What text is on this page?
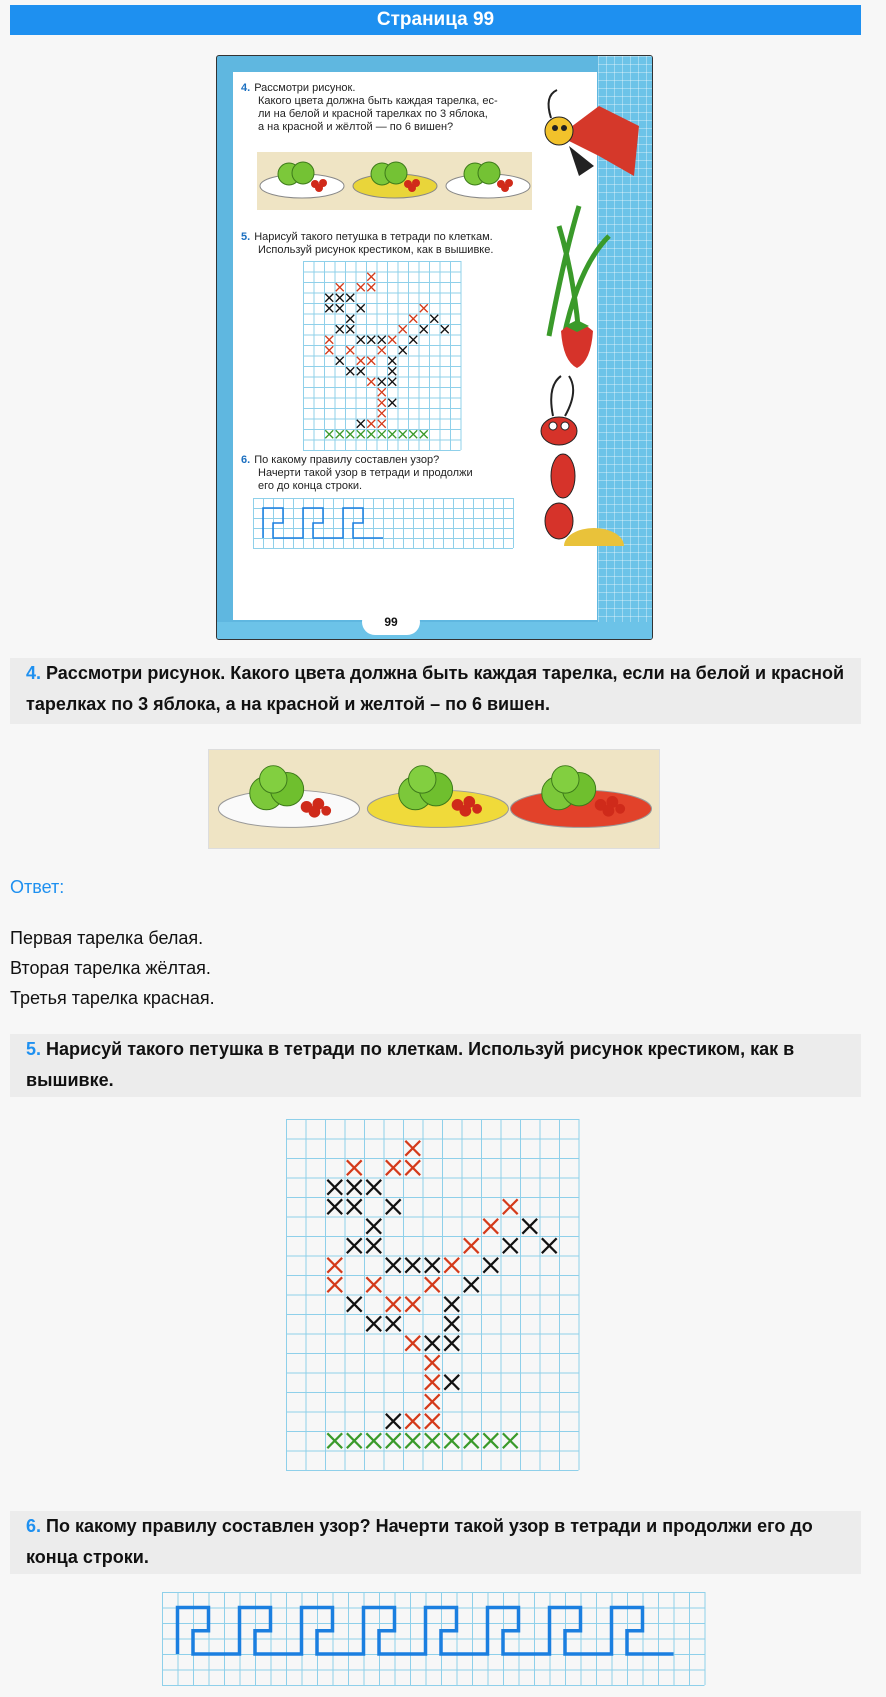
Страница 99
99
4. Рассмотри рисунок.
Какого цвета должна быть каждая тарелка, ес-
ли на белой и красной тарелках по 3 яблока,
а на красной и жёлтой — по 6 вишен?
5. Нарисуй такого петушка в тетради по клеткам.
Используй рисунок крестиком, как в вышивке.
6. По какому правилу составлен узор?
Начерти такой узор в тетради и продолжи
его до конца строки.
4. Рассмотри рисунок. Какого цвета должна быть каждая тарелка, если на белой и красной тарелках по 3 яблока, а на красной и желтой – по 6 вишен.
Ответ:
Первая тарелка белая.
Вторая тарелка жёлтая.
Третья тарелка красная.
5. Нарисуй такого петушка в тетради по клеткам. Используй рисунок крестиком, как в вышивке.
6. По какому правилу составлен узор? Начерти такой узор в тетради и продолжи его до конца строки.
